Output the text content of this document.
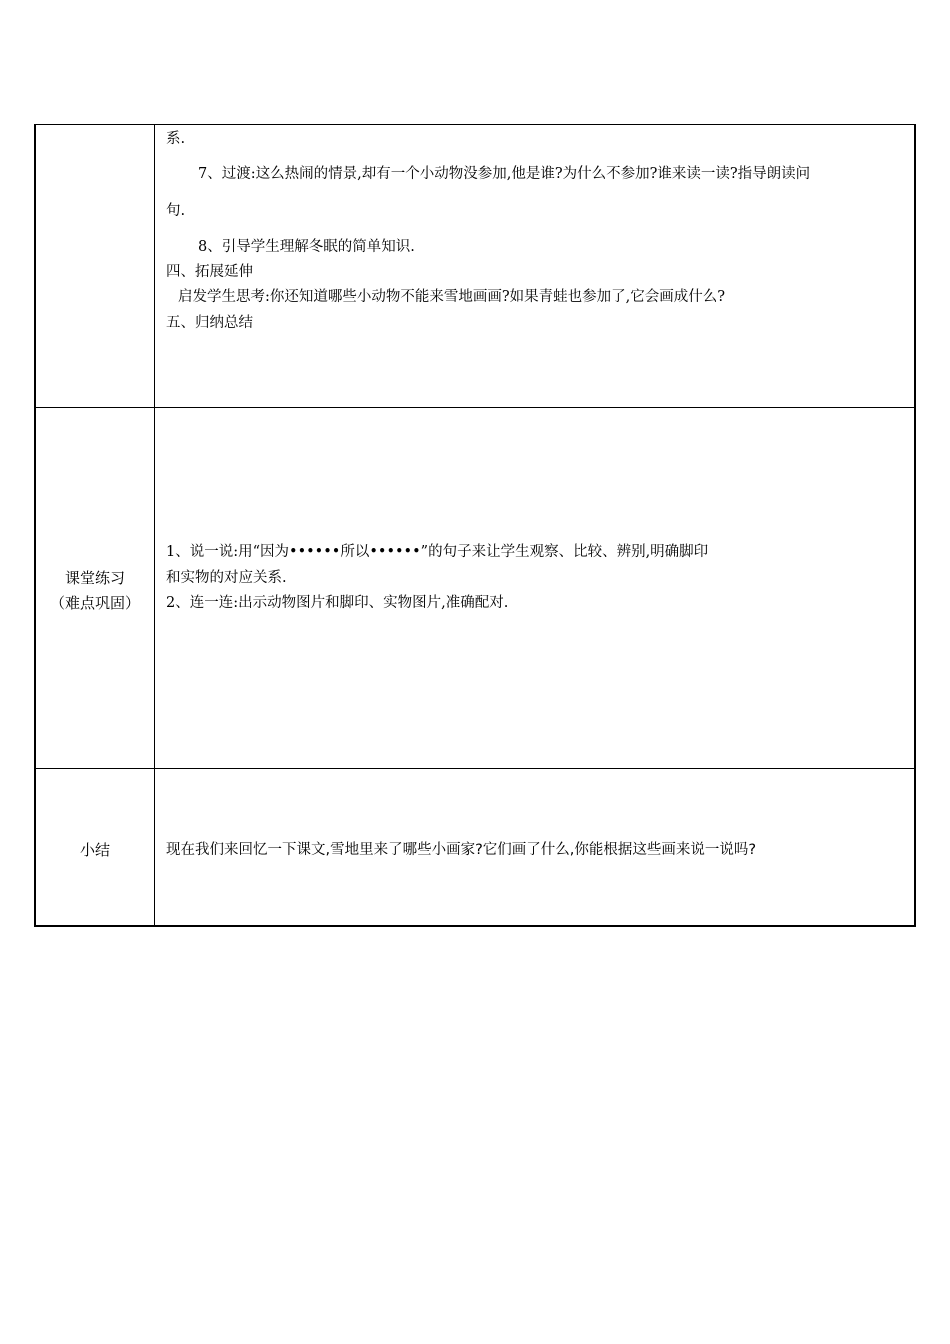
系.
7、过渡:这么热闹的情景,却有一个小动物没参加,他是谁?为什么不参加?谁来读一读?指导朗读问
句.
8、引导学生理解冬眠的简单知识.
四、拓展延伸
启发学生思考:你还知道哪些小动物不能来雪地画画?如果青蛙也参加了,它会画成什么?
五、归纳总结
课堂练习
（难点巩固）
1、说一说:用“因为••••••所以••••••”的句子来让学生观察、比较、辨别,明确脚印
和实物的对应关系.
2、连一连:出示动物图片和脚印、实物图片,准确配对.
小结	现在我们来回忆一下课文,雪地里来了哪些小画家?它们画了什么,你能根据这些画来说一说吗?
